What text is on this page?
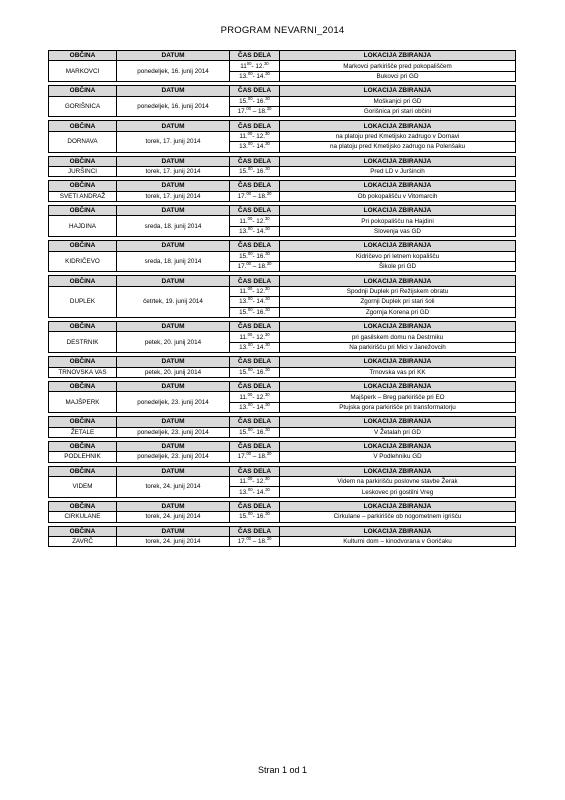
PROGRAM NEVARNI_2014
OBČINA	DATUM	ČAS DELA	LOKACIJA ZBIRANJA
MARKOVCI	ponedeljek, 16. junij 2014	$11^{00}-$ 12.30	Markovci parkirišče pred pokopališčem
		13.00- 14.30	Bukovci pri GD
OBČINA	DATUM	ČAS DELA	LOKACIJA ZBIRANJA
GORIŠNICA	ponedeljek, 16. junij 2014	15.00- 16.30	Moškanjci pri GD
		17.00 – 18.30	Gorišnica pri stari občini
OBČINA	DATUM	ČAS DELA	LOKACIJA ZBIRANJA
DORNAVA	torek, 17. junij 2014	11.00- 12.30	na platoju pred Kmetijsko zadrugo v Dornavi
		13.00- 14.30	na platoju pred Kmetijsko zadrugo na Polenšaku
OBČINA	DATUM	ČAS DELA	LOKACIJA ZBIRANJA
JURŠINCI	torek, 17. junij 2014	15.00- 16.30	Pred LD v Juršincih
OBČINA	DATUM	ČAS DELA	LOKACIJA ZBIRANJA
SVETI ANDRAŽ	torek, 17. junij 2014	17.00 – 18.30	Ob pokopališču v Vitomarcih
OBČINA	DATUM	ČAS DELA	LOKACIJA ZBIRANJA
HAJDINA	sreda, 18. junij 2014	11.00- 12.30	Pri pokopališču na Hajdini
		13.00- 14.30	Slovenja vas GD
OBČINA	DATUM	ČAS DELA	LOKACIJA ZBIRANJA
KIDRIČEVO	sreda, 18. junij 2014	15.00- 16.30	Kidričevo pri letnem kopališču
		17.00 – 18.30	Šikole pri GD
OBČINA	DATUM	ČAS DELA	LOKACIJA ZBIRANJA
DUPLEK	četrtek, 19. junij 2014	11.00- 12.30	Spodnji Duplek pri Režijskem obratu
		13.00- 14.30	Zgornji Duplek pri stari šoli
		15.00- 16.30	Zgornja Korena pri GD
OBČINA	DATUM	ČAS DELA	LOKACIJA ZBIRANJA
DESTRNIK	petek, 20. junij 2014	11.00- 12.30	pri gasilskem domu na Destrniku
		13.00- 14.30	Na parkirišču pri Mici v Janežovcih
OBČINA	DATUM	ČAS DELA	LOKACIJA ZBIRANJA
TRNOVSKA VAS	petek, 20. junij 2014	15.00- 16.30	Trnovska vas pri KK
OBČINA	DATUM	ČAS DELA	LOKACIJA ZBIRANJA
MAJŠPERK	ponedeljek, 23. junij 2014	11.00- 12.30	Majšperk – Breg parkirišče pri EO
		13.00- 14.30	Ptujska gora parkirišče pri transformatorju
OBČINA	DATUM	ČAS DELA	LOKACIJA ZBIRANJA
ŽETALE	ponedeljek, 23. junij 2014	15.00- 16.30	V Žetalah pri GD
OBČINA	DATUM	ČAS DELA	LOKACIJA ZBIRANJA
PODLEHNIK	ponedeljek, 23. junij 2014	17.00 – 18.30	V Podlehniku GD
OBČINA	DATUM	ČAS DELA	LOKACIJA ZBIRANJA
VIDEM	torek, 24. junij 2014	11.00- 12.30	Videm na parkirišču poslovne stavbe Žerak
		13.00- 14.30	Leskovec pri gostilni Vreg
OBČINA	DATUM	ČAS DELA	LOKACIJA ZBIRANJA
CIRKULANE	torek, 24. junij 2014	15.00- 16.30	Cirkulane – parkirišče ob nogometnem igrišču
OBČINA	DATUM	ČAS DELA	LOKACIJA ZBIRANJA
ZAVRČ	torek, 24. junij 2014	17.00 – 18.30	Kulturni dom – kinodvorana v Goričaku
Stran 1 od 1
